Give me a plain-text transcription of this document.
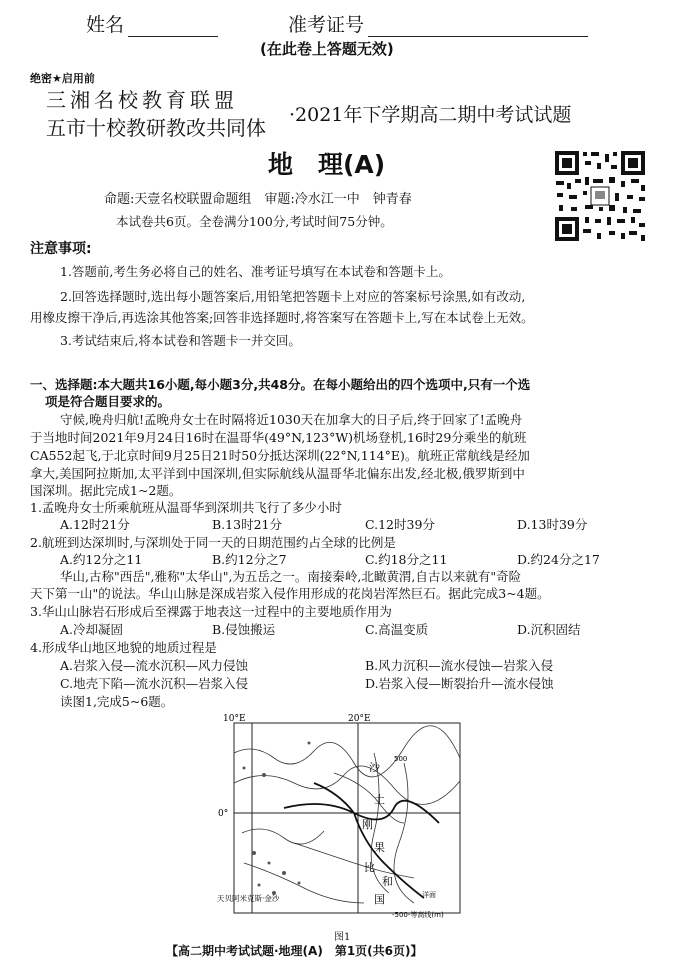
姓名	准考证号
(在此卷上答题无效)
绝密★启用前
三湘名校教育联盟
五市十校教研教改共同体
·2021年下学期高二期中考试试题
地　理(A)
命题:天壹名校联盟命题组　审题:冷水江一中　钟青春
本试卷共6页。全卷满分100分,考试时间75分钟。
注意事项:
1.答题前,考生务必将自己的姓名、准考证号填写在本试卷和答题卡上。
2.回答选择题时,选出每小题答案后,用铅笔把答题卡上对应的答案标号涂黑,如有改动,
用橡皮擦干净后,再选涂其他答案;回答非选择题时,将答案写在答题卡上,写在本试卷上无效。
3.考试结束后,将本试卷和答题卡一并交回。
一、选择题:本大题共16小题,每小题3分,共48分。在每小题给出的四个选项中,只有一个选
项是符合题目要求的。
守候,晚舟归航!孟晚舟女士在时隔将近1030天在加拿大的日子后,终于回家了!孟晚舟
于当地时间2021年9月24日16时在温哥华(49°N,123°W)机场登机,16时29分乘坐的航班
CA552起飞,于北京时间9月25日21时50分抵达深圳(22°N,114°E)。航班正常航线是经加
拿大,美国阿拉斯加,太平洋到中国深圳,但实际航线从温哥华北偏东出发,经北极,俄罗斯到中
国深圳。据此完成1~2题。
1.孟晚舟女士所乘航班从温哥华到深圳共飞行了多少小时
A.12时21分	B.13时21分	C.12时39分	D.13时39分
2.航班到达深圳时,与深圳处于同一天的日期范围约占全球的比例是
A.约12分之11	B.约12分之7	C.约18分之11	D.约24分之17
华山,古称"西岳",雅称"太华山",为五岳之一。南接秦岭,北瞰黄渭,自古以来就有"奇险
天下第一山"的说法。华山山脉是深成岩浆入侵作用形成的花岗岩浑然巨石。据此完成3~4题。
3.华山山脉岩石形成后至裸露于地表这一过程中的主要地质作用为
A.冷却凝固	B.侵蚀搬运	C.高温变质	D.沉积固结
4.形成华山地区地貌的地质过程是
A.岩浆入侵—流水沉积—风力侵蚀	B.风力沉积—流水侵蚀—岩浆入侵
C.地壳下陷—流水沉积—岩浆入侵	D.岩浆入侵—断裂抬升—流水侵蚀
读图1,完成5~6题。
10°E	20°E
0°
沙
土
刚
果
比
和
国
500
天贝阿米克斯·金沙	洋面
-500-等高线(m)
图1
【高二期中考试试题·地理(A)　第1页(共6页)】
